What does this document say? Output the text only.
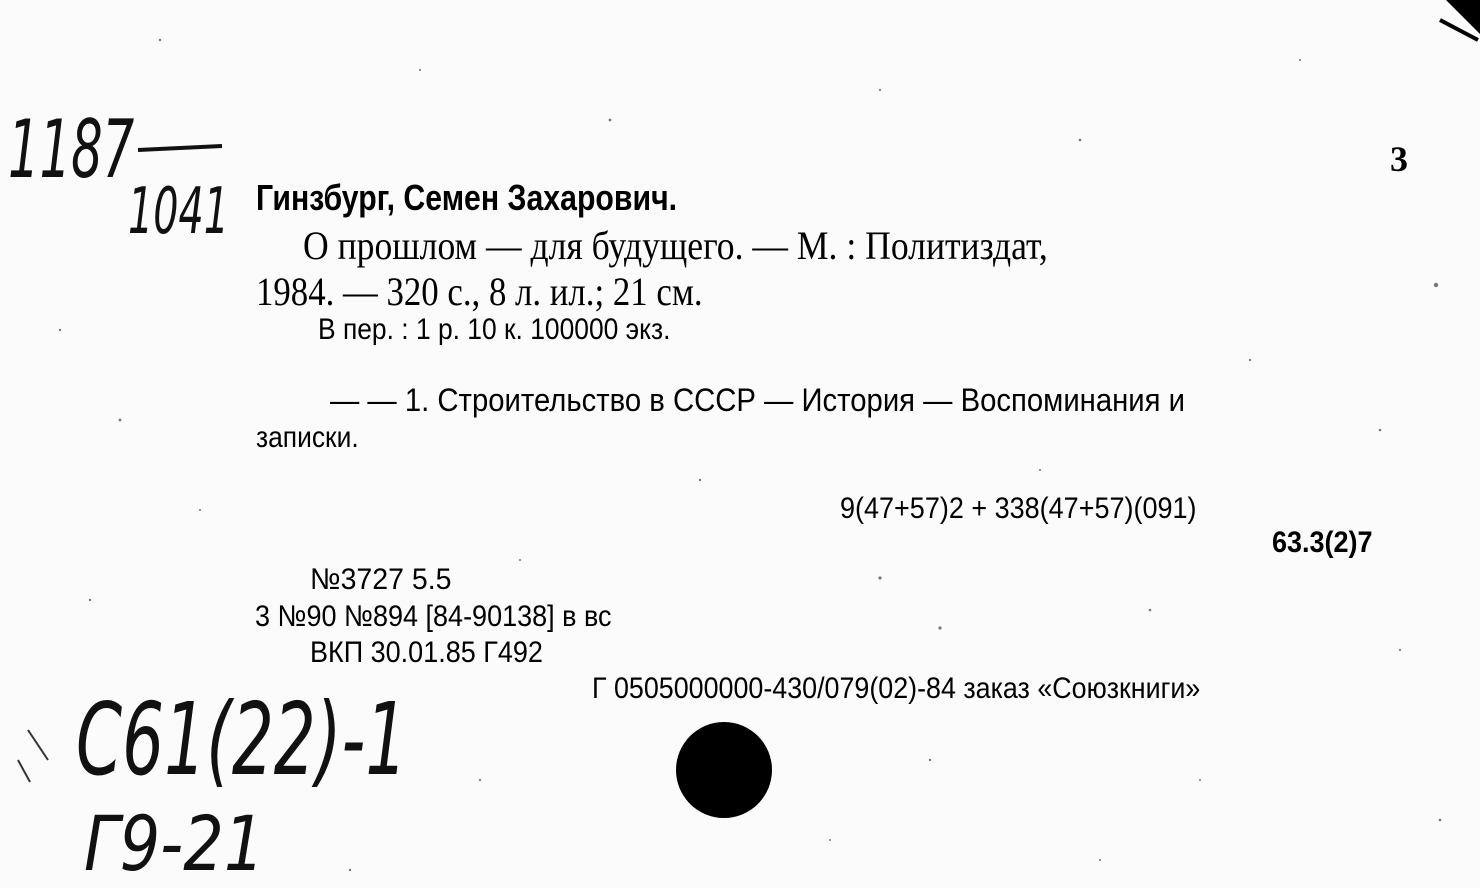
1187
1041
3
Гинзбург, Семен Захарович.
О прошлом — для будущего. — М. : Политиздат,
1984. — 320 с., 8 л. ил.; 21 см.
В пер. : 1 р. 10 к. 100000 экз.
— — 1. Строительство в СССР — История — Воспоминания и
записки.
9(47+57)2 + 338(47+57)(091)
63.3(2)7
№3727 5.5
3 №90 №894 [84-90138] в вс
ВКП 30.01.85 Г492
Г 0505000000-430/079(02)-84 заказ «Союзкниги»
С61(22)-1
Г9-21
